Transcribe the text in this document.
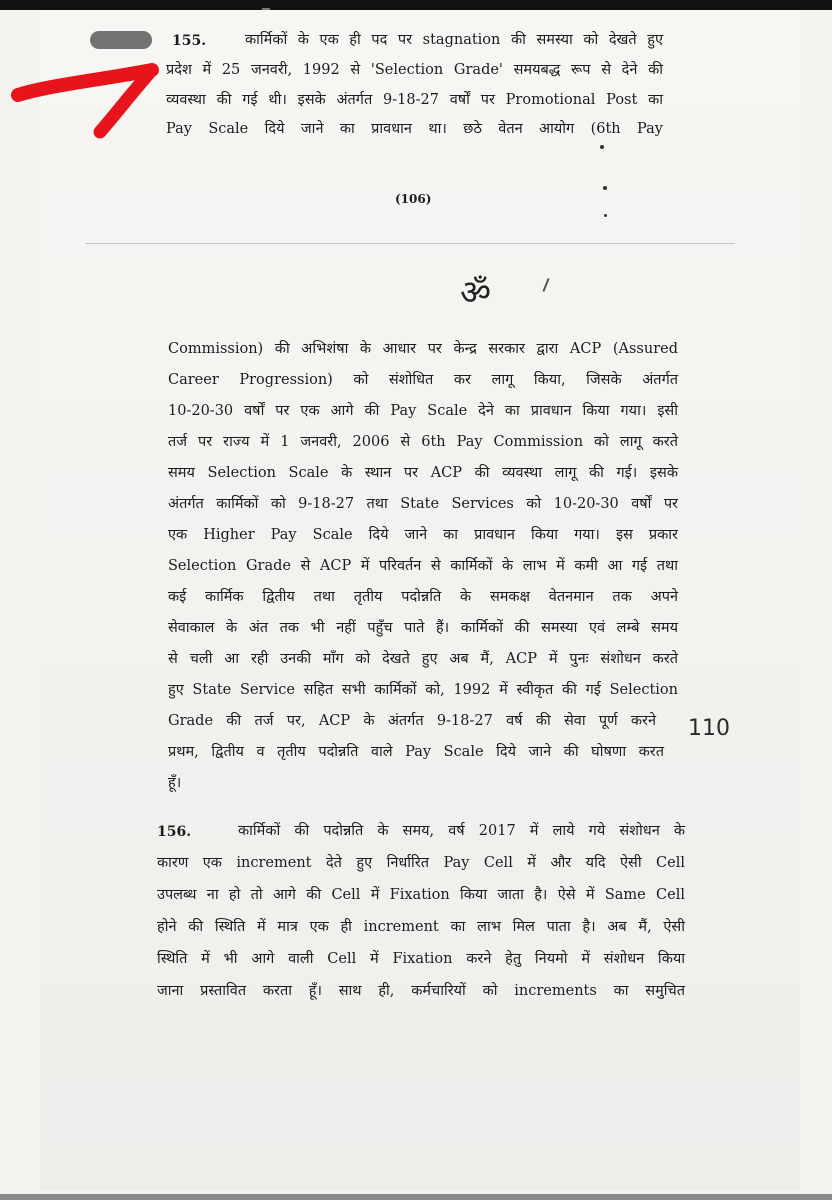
155.	कार्मिकों के एक ही पद पर stagnation की समस्या को देखते हुए
प्रदेश में 25 जनवरी, 1992 से 'Selection Grade' समयबद्ध रूप से देने की
व्यवस्था की गई थी। इसके अंतर्गत 9-18-27 वर्षों पर Promotional Post का
Pay Scale दिये जाने का प्रावधान था। छठे वेतन आयोग (6th Pay
(106)
ॐ
Commission) की अभिशंषा के आधार पर केन्द्र सरकार द्वारा ACP (Assured
Career Progression) को संशोधित कर लागू किया, जिसके अंतर्गत
10-20-30 वर्षों पर एक आगे की Pay Scale देने का प्रावधान किया गया। इसी
तर्ज पर राज्य में 1 जनवरी, 2006 से 6th Pay Commission को लागू करते
समय Selection Scale के स्थान पर ACP की व्यवस्था लागू की गई। इसके
अंतर्गत कार्मिकों को 9-18-27 तथा State Services को 10-20-30 वर्षों पर
एक Higher Pay Scale दिये जाने का प्रावधान किया गया। इस प्रकार
Selection Grade से ACP में परिवर्तन से कार्मिकों के लाभ में कमी आ गई तथा
कई कार्मिक द्वितीय तथा तृतीय पदोन्नति के समकक्ष वेतनमान तक अपने
सेवाकाल के अंत तक भी नहीं पहुँच पाते हैं। कार्मिकों की समस्या एवं लम्बे समय
से चली आ रही उनकी माँग को देखते हुए अब मैं, ACP में पुनः संशोधन करते
हुए State Service सहित सभी कार्मिकों को, 1992 में स्वीकृत की गई Selection
Grade की तर्ज पर, ACP के अंतर्गत 9-18-27 वर्ष की सेवा पूर्ण करने
प्रथम, द्वितीय व तृतीय पदोन्नति वाले Pay Scale दिये जाने की घोषणा करत
हूँ।
110
156.	कार्मिकों की पदोन्नति के समय, वर्ष 2017 में लाये गये संशोधन के
कारण एक increment देते हुए निर्धारित Pay Cell में और यदि ऐसी Cell
उपलब्ध ना हो तो आगे की Cell में Fixation किया जाता है। ऐसे में Same Cell
होने की स्थिति में मात्र एक ही increment का लाभ मिल पाता है। अब मैं, ऐसी
स्थिति में भी आगे वाली Cell में Fixation करने हेतु नियमो में संशोधन किया
जाना प्रस्तावित करता हूँ। साथ ही, कर्मचारियों को increments का समुचित
